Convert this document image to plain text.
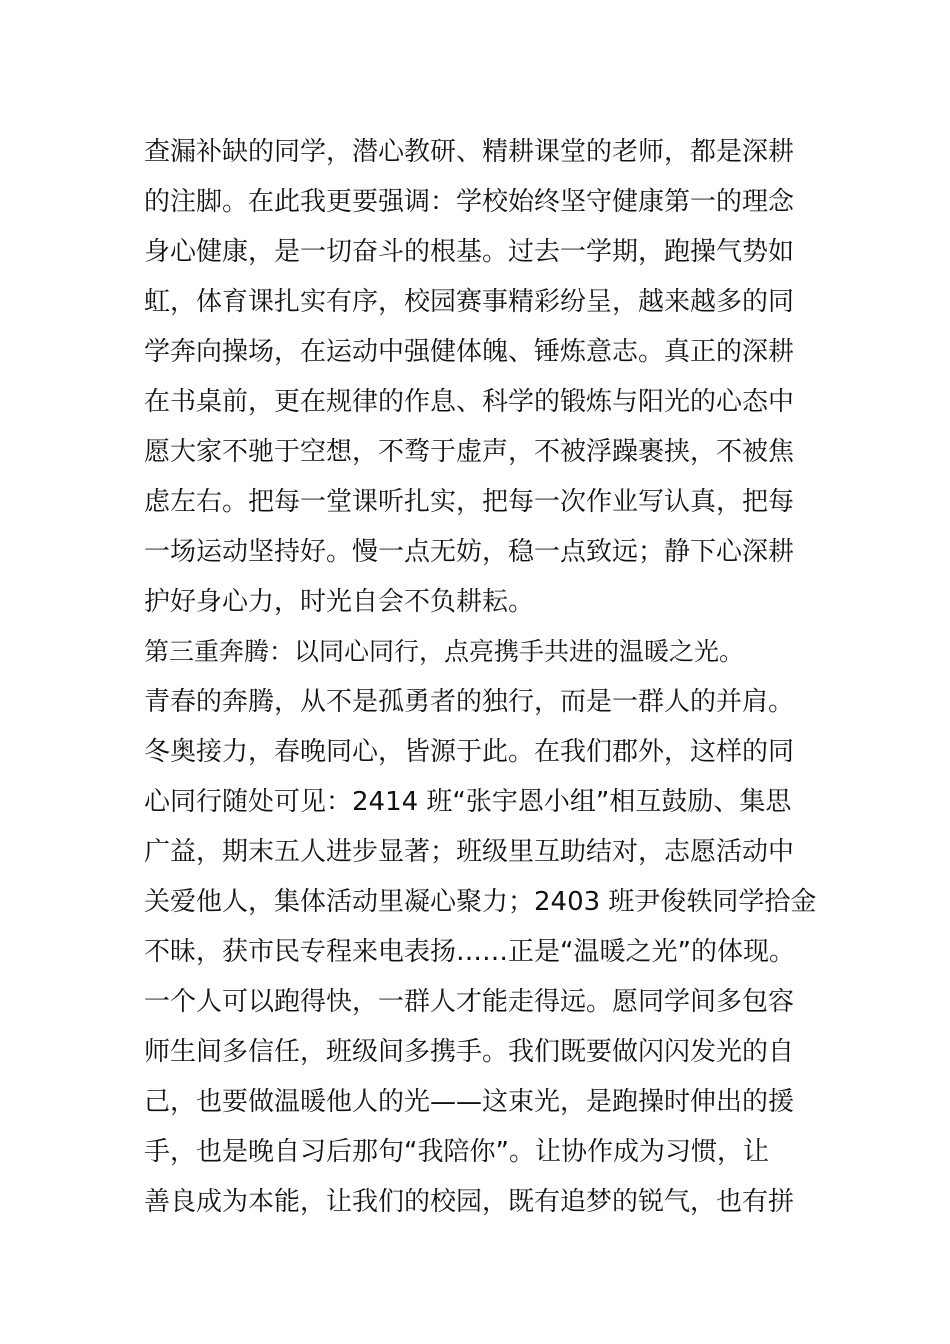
查漏补缺的同学，潜心教研、精耕课堂的老师，都是深耕
的注脚。在此我更要强调：学校始终坚守健康第一的理念
身心健康，是一切奋斗的根基。过去一学期，跑操气势如
虹，体育课扎实有序，校园赛事精彩纷呈，越来越多的同
学奔向操场，在运动中强健体魄、锤炼意志。真正的深耕
在书桌前，更在规律的作息、科学的锻炼与阳光的心态中
愿大家不驰于空想，不骛于虚声，不被浮躁裹挟，不被焦
虑左右。把每一堂课听扎实，把每一次作业写认真，把每
一场运动坚持好。慢一点无妨，稳一点致远；静下心深耕
护好身心力，时光自会不负耕耘。
第三重奔腾：以同心同行，点亮携手共进的温暖之光。
青春的奔腾，从不是孤勇者的独行，而是一群人的并肩。
冬奥接力，春晚同心，皆源于此。在我们郡外，这样的同
心同行随处可见：2414 班“张宇恩小组”相互鼓励、集思
广益，期末五人进步显著；班级里互助结对，志愿活动中
关爱他人，集体活动里凝心聚力；2403 班尹俊轶同学拾金
不昧，获市民专程来电表扬……正是“温暖之光”的体现。
一个人可以跑得快，一群人才能走得远。愿同学间多包容
师生间多信任，班级间多携手。我们既要做闪闪发光的自
己，也要做温暖他人的光——这束光，是跑操时伸出的援
手，也是晚自习后那句“我陪你”。让协作成为习惯，让
善良成为本能，让我们的校园，既有追梦的锐气，也有拼
